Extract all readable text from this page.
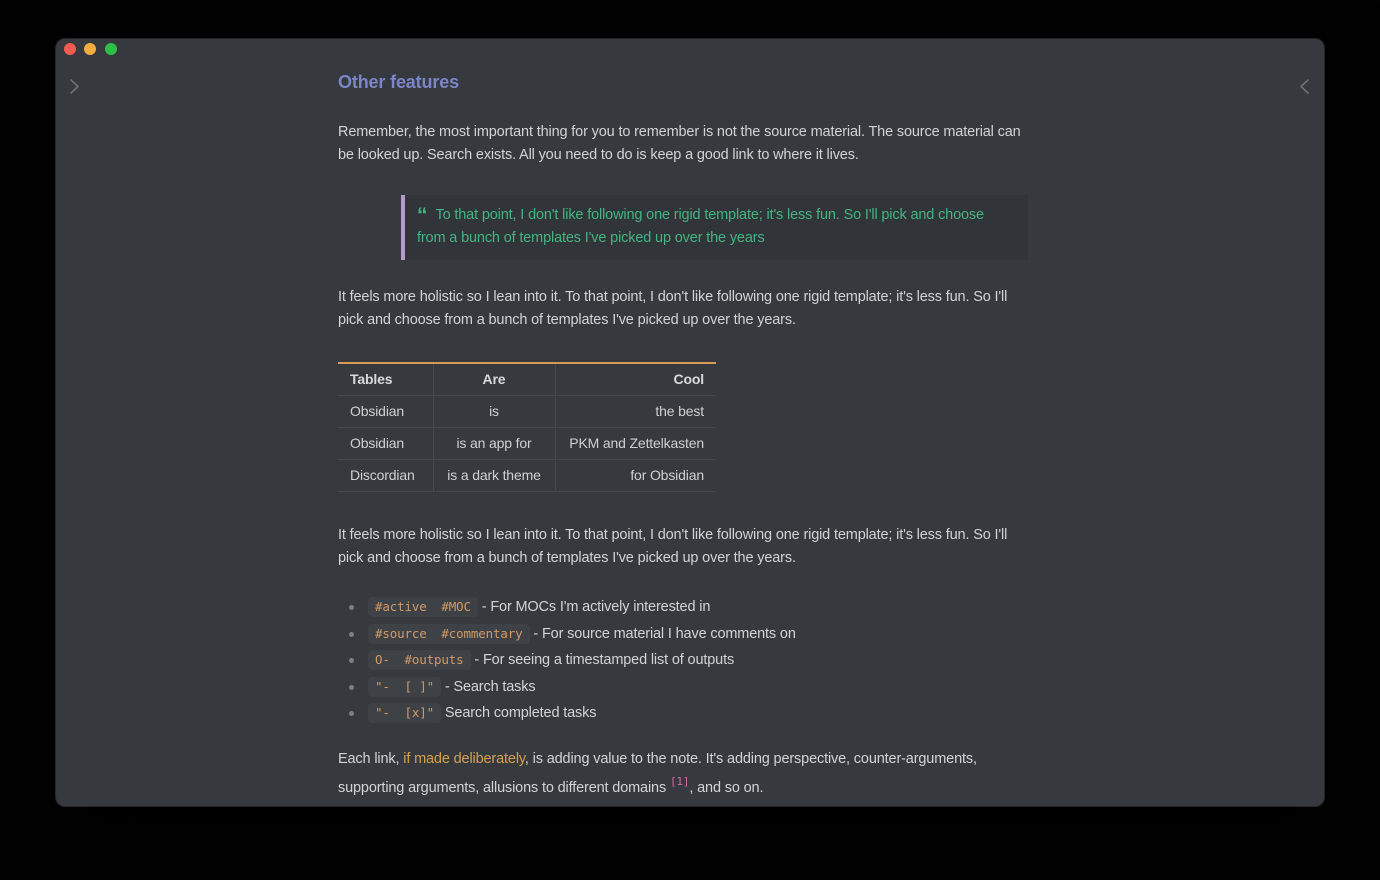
Other features

Remember, the most important thing for you to remember is not the source material. The source material can be looked up. Search exists. All you need to do is keep a good link to where it lives.

“ To that point, I don't like following one rigid template; it's less fun. So I'll pick and choose from a bunch of templates I've picked up over the years

It feels more holistic so I lean into it. To that point, I don't like following one rigid template; it's less fun. So I'll pick and choose from a bunch of templates I've picked up over the years.

Tables	Are	Cool
Obsidian	is	the best
Obsidian	is an app for	PKM and Zettelkasten
Discordian	is a dark theme	for Obsidian

It feels more holistic so I lean into it. To that point, I don't like following one rigid template; it's less fun. So I'll pick and choose from a bunch of templates I've picked up over the years.

#active  #MOC - For MOCs I'm actively interested in
#source  #commentary - For source material I have comments on
O-  #outputs - For seeing a timestamped list of outputs
"-  [ ]" - Search tasks
"-  [x]" Search completed tasks

Each link, if made deliberately, is adding value to the note. It's adding perspective, counter-arguments, supporting arguments, allusions to different domains [1], and so on.
